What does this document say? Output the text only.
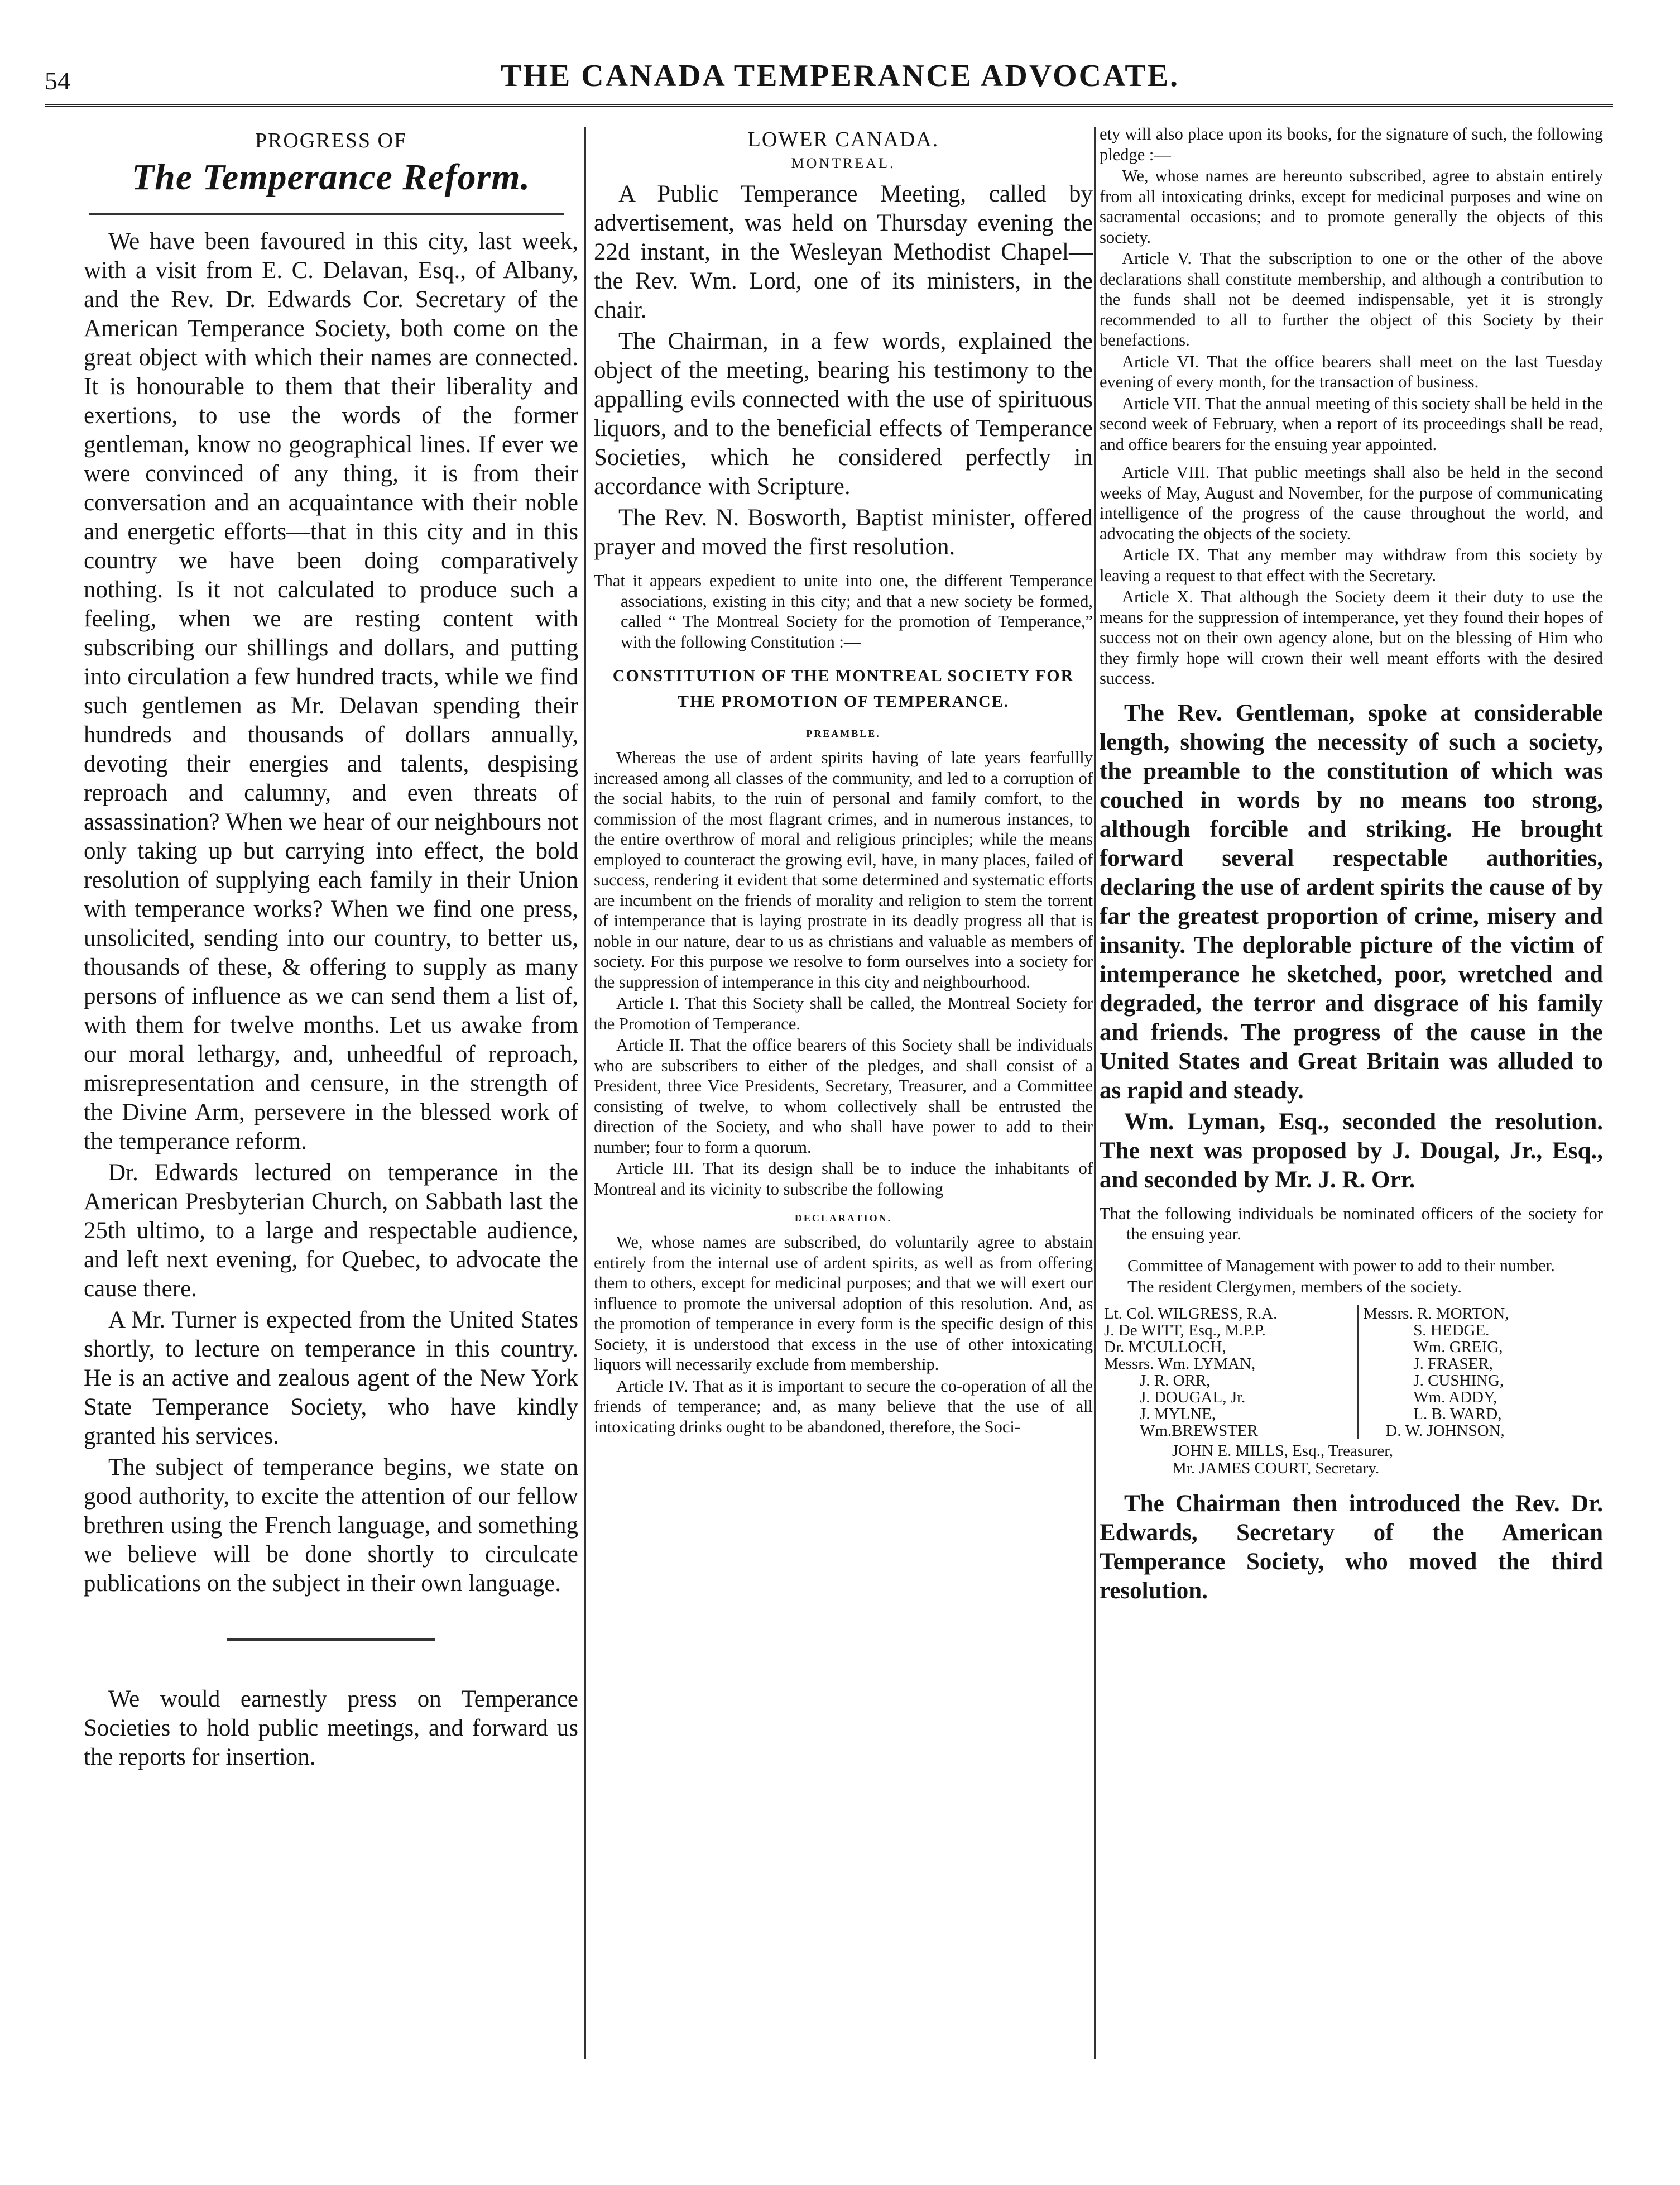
54	THE CANADA TEMPERANCE ADVOCATE.
PROGRESS OF
The Temperance Reform.

We have been favoured in this city, last week, with a visit from E. C. Delavan, Esq., of Albany, and the Rev. Dr. Edwards Cor. Secretary of the American Temperance Society, both come on the great object with which their names are connected. It is honourable to them that their liberality and exertions, to use the words of the former gentleman, know no geographical lines. If ever we were convinced of any thing, it is from their conversation and an acquaintance with their noble and energetic efforts—that in this city and in this country we have been doing comparatively nothing. Is it not calculated to produce such a feeling, when we are resting content with subscribing our shillings and dollars, and putting into circulation a few hundred tracts, while we find such gentlemen as Mr. Delavan spending their hundreds and thousands of dollars annually, devoting their energies and talents, despising reproach and calumny, and even threats of assassination? When we hear of our neighbours not only taking up but carrying into effect, the bold resolution of supplying each family in their Union with temperance works? When we find one press, unsolicited, sending into our country, to better us, thousands of these, & offering to supply as many persons of influence as we can send them a list of, with them for twelve months. Let us awake from our moral lethargy, and, unheedful of reproach, misrepresentation and censure, in the strength of the Divine Arm, persevere in the blessed work of the temperance reform.

Dr. Edwards lectured on temperance in the American Presbyterian Church, on Sabbath last the 25th ultimo, to a large and respectable audience, and left next evening, for Quebec, to advocate the cause there.

A Mr. Turner is expected from the United States shortly, to lecture on temperance in this country. He is an active and zealous agent of the New York State Temperance Society, who have kindly granted his services.

The subject of temperance begins, we state on good authority, to excite the attention of our fellow brethren using the French language, and something we believe will be done shortly to circulcate publications on the subject in their own language.

We would earnestly press on Temperance Societies to hold public meetings, and forward us the reports for insertion.

LOWER CANADA.
MONTREAL.

A Public Temperance Meeting, called by advertisement, was held on Thursday evening the 22d instant, in the Wesleyan Methodist Chapel—the Rev. Wm. Lord, one of its ministers, in the chair.

The Chairman, in a few words, explained the object of the meeting, bearing his testimony to the appalling evils connected with the use of spirituous liquors, and to the beneficial effects of Temperance Societies, which he considered perfectly in accordance with Scripture.

The Rev. N. Bosworth, Baptist minister, offered prayer and moved the first resolution.

That it appears expedient to unite into one, the different Temperance associations, existing in this city; and that a new society be formed, called “ The Montreal Society for the promotion of Temperance,” with the following Constitution :—

CONSTITUTION OF THE MONTREAL SOCIETY FOR THE PROMOTION OF TEMPERANCE.
PREAMBLE.

Whereas the use of ardent spirits having of late years fearfullly increased among all classes of the community, and led to a corruption of the social habits, to the ruin of personal and family comfort, to the commission of the most flagrant crimes, and in numerous instances, to the entire overthrow of moral and religious principles; while the means employed to counteract the growing evil, have, in many places, failed of success, rendering it evident that some determined and systematic efforts are incumbent on the friends of morality and religion to stem the torrent of intemperance that is laying prostrate in its deadly progress all that is noble in our nature, dear to us as christians and valuable as members of society. For this purpose we resolve to form ourselves into a society for the suppression of intemperance in this city and neighbourhood.

Article I. That this Society shall be called, the Montreal Society for the Promotion of Temperance.

Article II. That the office bearers of this Society shall be individuals who are subscribers to either of the pledges, and shall consist of a President, three Vice Presidents, Secretary, Treasurer, and a Committee consisting of twelve, to whom collectively shall be entrusted the direction of the Society, and who shall have power to add to their number; four to form a quorum.

Article III. That its design shall be to induce the inhabitants of Montreal and its vicinity to subscribe the following

DECLARATION.

We, whose names are subscribed, do voluntarily agree to abstain entirely from the internal use of ardent spirits, as well as from offering them to others, except for medicinal purposes; and that we will exert our influence to promote the universal adoption of this resolution. And, as the promotion of temperance in every form is the specific design of this Society, it is understood that excess in the use of other intoxicating liquors will necessarily exclude from membership.

Article IV. That as it is important to secure the co-operation of all the friends of temperance; and, as many believe that the use of all intoxicating drinks ought to be abandoned, therefore, the Soci-

ety will also place upon its books, for the signature of such, the following pledge :—

We, whose names are hereunto subscribed, agree to abstain entirely from all intoxicating drinks, except for medicinal purposes and wine on sacramental occasions; and to promote generally the objects of this society.

Article V. That the subscription to one or the other of the above declarations shall constitute membership, and although a contribution to the funds shall not be deemed indispensable, yet it is strongly recommended to all to further the object of this Society by their benefactions.

Article VI. That the office bearers shall meet on the last Tuesday evening of every month, for the transaction of business.

Article VII. That the annual meeting of this society shall be held in the second week of February, when a report of its proceedings shall be read, and office bearers for the ensuing year appointed.

Article VIII. That public meetings shall also be held in the second weeks of May, August and November, for the purpose of communicating intelligence of the progress of the cause throughout the world, and advocating the objects of the society.

Article IX. That any member may withdraw from this society by leaving a request to that effect with the Secretary.

Article X. That although the Society deem it their duty to use the means for the suppression of intemperance, yet they found their hopes of success not on their own agency alone, but on the blessing of Him who they firmly hope will crown their well meant efforts with the desired success.

The Rev. Gentleman, spoke at considerable length, showing the necessity of such a society, the preamble to the constitution of which was couched in words by no means too strong, although forcible and striking. He brought forward several respectable authorities, declaring the use of ardent spirits the cause of by far the greatest proportion of crime, misery and insanity. The deplorable picture of the victim of intemperance he sketched, poor, wretched and degraded, the terror and disgrace of his family and friends. The progress of the cause in the United States and Great Britain was alluded to as rapid and steady.

Wm. Lyman, Esq., seconded the resolution. The next was proposed by J. Dougal, Jr., Esq., and seconded by Mr. J. R. Orr.

That the following individuals be nominated officers of the society for the ensuing year.

Committee of Management with power to add to their number.

The resident Clergymen, members of the society.

Lt. Col. WILGRESS, R.A.
J. De WITT, Esq., M.P.P.
Dr. M'CULLOCH,
Messrs. Wm. LYMAN,
J. R. ORR,
J. DOUGAL, Jr.
J. MYLNE,
Wm.BREWSTER
Messrs. R. MORTON,
S. HEDGE.
Wm. GREIG,
J. FRASER,
J. CUSHING,
Wm. ADDY,
L. B. WARD,
D. W. JOHNSON,
JOHN E. MILLS, Esq., Treasurer,
Mr. JAMES COURT, Secretary.

The Chairman then introduced the Rev. Dr. Edwards, Secretary of the American Temperance Society, who moved the third resolution.
